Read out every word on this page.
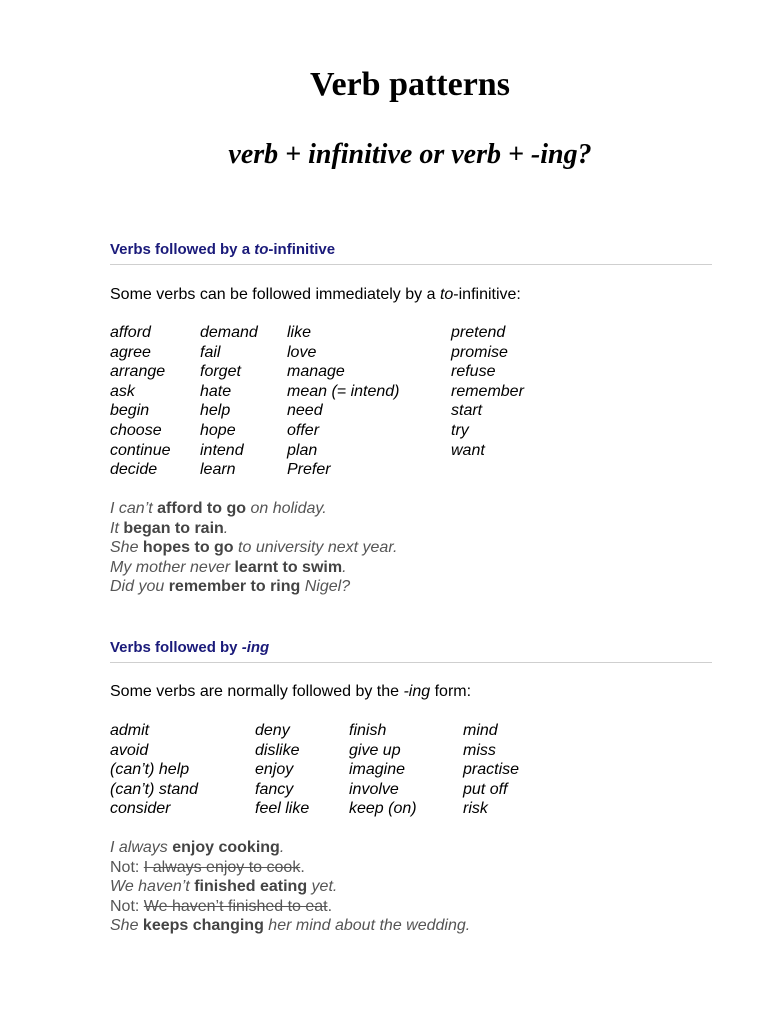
Verb patterns
verb + infinitive or verb + -ing?
Verbs followed by a to-infinitive
Some verbs can be followed immediately by a to-infinitive:
afford
agree
arrange
ask
begin
choose
continue
decide
demand
fail
forget
hate
help
hope
intend
learn
like
love
manage
mean (= intend)
need
offer
plan
Prefer
pretend
promise
refuse
remember
start
try
want
I can’t afford to go on holiday.
It began to rain.
She hopes to go to university next year.
My mother never learnt to swim.
Did you remember to ring Nigel?
Verbs followed by -ing
Some verbs are normally followed by the -ing form:
admit
avoid
(can’t) help
(can’t) stand
consider
deny
dislike
enjoy
fancy
feel like
finish
give up
imagine
involve
keep (on)
mind
miss
practise
put off
risk
I always enjoy cooking.
Not: I always enjoy to cook.
We haven’t finished eating yet.
Not: We haven’t finished to eat.
She keeps changing her mind about the wedding.
